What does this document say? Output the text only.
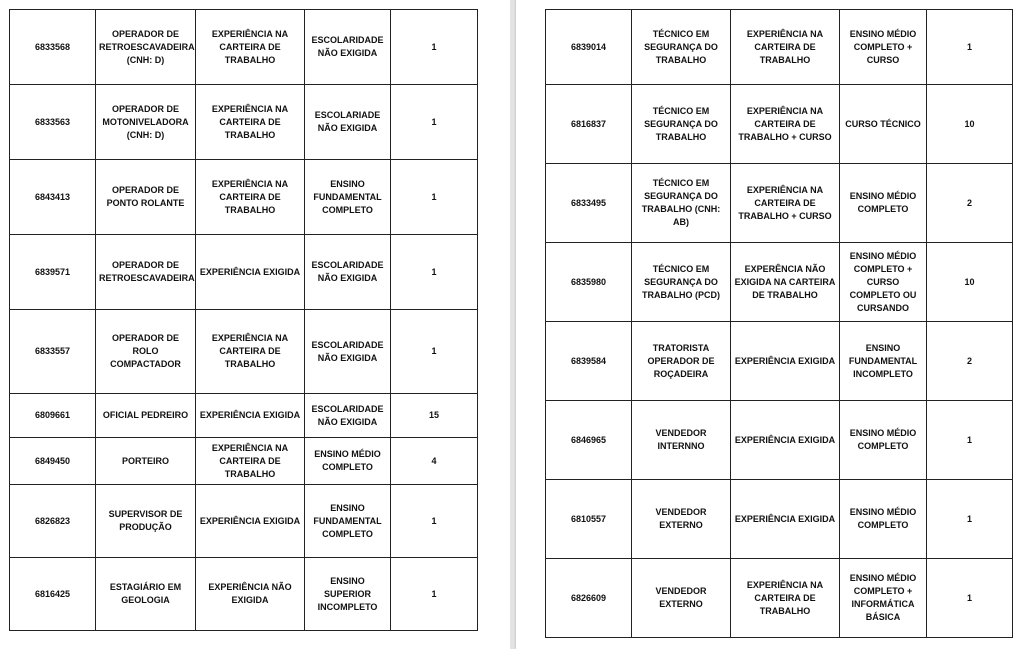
6833568	OPERADOR DE RETROESCAVADEIRA (CNH: D)	EXPERIÊNCIA NA CARTEIRA DE TRABALHO	ESCOLARIDADE NÃO EXIGIDA	1
6833563	OPERADOR DE MOTONIVELADORA (CNH: D)	EXPERIÊNCIA NA CARTEIRA DE TRABALHO	ESCOLARIADE NÃO EXIGIDA	1
6843413	OPERADOR DE PONTO ROLANTE	EXPERIÊNCIA NA CARTEIRA DE TRABALHO	ENSINO FUNDAMENTAL COMPLETO	1
6839571	OPERADOR DE RETROESCAVADEIRA	EXPERIÊNCIA EXIGIDA	ESCOLARIDADE NÃO EXIGIDA	1
6833557	OPERADOR DE ROLO COMPACTADOR	EXPERIÊNCIA NA CARTEIRA DE TRABALHO	ESCOLARIDADE NÃO EXIGIDA	1
6809661	OFICIAL PEDREIRO	EXPERIÊNCIA EXIGIDA	ESCOLARIDADE NÃO EXIGIDA	15
6849450	PORTEIRO	EXPERIÊNCIA NA CARTEIRA DE TRABALHO	ENSINO MÉDIO COMPLETO	4
6826823	SUPERVISOR DE PRODUÇÃO	EXPERIÊNCIA EXIGIDA	ENSINO FUNDAMENTAL COMPLETO	1
6816425	ESTAGIÁRIO EM GEOLOGIA	EXPERIÊNCIA NÃO EXIGIDA	ENSINO SUPERIOR INCOMPLETO	1
6839014	TÉCNICO EM SEGURANÇA DO TRABALHO	EXPERIÊNCIA NA CARTEIRA DE TRABALHO	ENSINO MÉDIO COMPLETO + CURSO	1
6816837	TÉCNICO EM SEGURANÇA DO TRABALHO	EXPERIÊNCIA NA CARTEIRA DE TRABALHO + CURSO	CURSO TÉCNICO	10
6833495	TÉCNICO EM SEGURANÇA DO TRABALHO (CNH: AB)	EXPERIÊNCIA NA CARTEIRA DE TRABALHO + CURSO	ENSINO MÉDIO COMPLETO	2
6835980	TÉCNICO EM SEGURANÇA DO TRABALHO (PCD)	EXPERÊNCIA NÃO EXIGIDA NA CARTEIRA DE TRABALHO	ENSINO MÉDIO COMPLETO + CURSO COMPLETO OU CURSANDO	10
6839584	TRATORISTA OPERADOR DE ROÇADEIRA	EXPERIÊNCIA EXIGIDA	ENSINO FUNDAMENTAL INCOMPLETO	2
6846965	VENDEDOR INTERNNO	EXPERIÊNCIA EXIGIDA	ENSINO MÉDIO COMPLETO	1
6810557	VENDEDOR EXTERNO	EXPERIÊNCIA EXIGIDA	ENSINO MÉDIO COMPLETO	1
6826609	VENDEDOR EXTERNO	EXPERIÊNCIA NA CARTEIRA DE TRABALHO	ENSINO MÉDIO COMPLETO + INFORMÁTICA BÁSICA	1
